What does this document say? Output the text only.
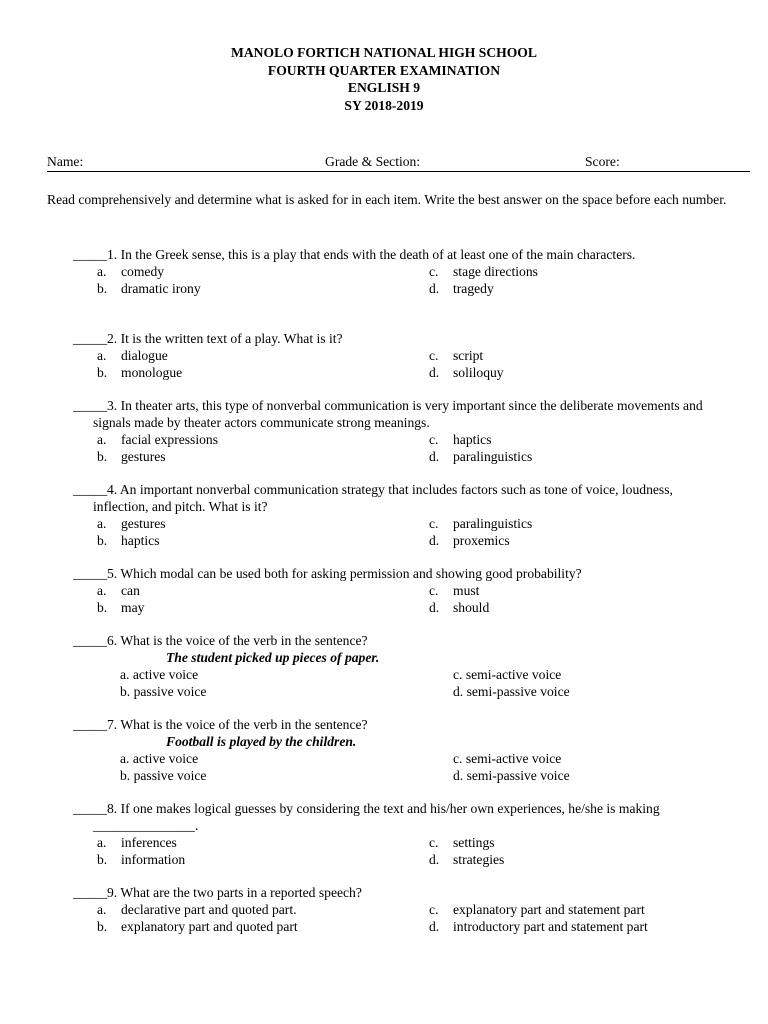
MANOLO FORTICH NATIONAL HIGH SCHOOL
FOURTH QUARTER EXAMINATION
ENGLISH 9
SY 2018-2019
Name:	Grade & Section:	Score:
Read comprehensively and determine what is asked for in each item. Write the best answer on the space before each number.
_____1. In the Greek sense, this is a play that ends with the death of at least one of the main characters.
a. comedy
b. dramatic irony
c. stage directions
d. tragedy
_____2. It is the written text of a play. What is it?
a. dialogue
b. monologue
c. script
d. soliloquy
_____3. In theater arts, this type of nonverbal communication is very important since the deliberate movements and signals made by theater actors communicate strong meanings.
a. facial expressions
b. gestures
c. haptics
d. paralinguistics
_____4. An important nonverbal communication strategy that includes factors such as tone of voice, loudness, inflection, and pitch. What is it?
a. gestures
b. haptics
c. paralinguistics
d. proxemics
_____5. Which modal can be used both for asking permission and showing good probability?
a. can
b. may
c. must
d. should
_____6. What is the voice of the verb in the sentence?
The student picked up pieces of paper.
a. active voice
b. passive voice
c. semi-active voice
d. semi-passive voice
_____7. What is the voice of the verb in the sentence?
Football is played by the children.
a. active voice
b. passive voice
c. semi-active voice
d. semi-passive voice
_____8. If one makes logical guesses by considering the text and his/her own experiences, he/she is making _______________.
a. inferences
b. information
c. settings
d. strategies
_____9. What are the two parts in a reported speech?
a. declarative part and quoted part.
b. explanatory part and quoted part
c. explanatory part and statement part
d. introductory part and statement part
